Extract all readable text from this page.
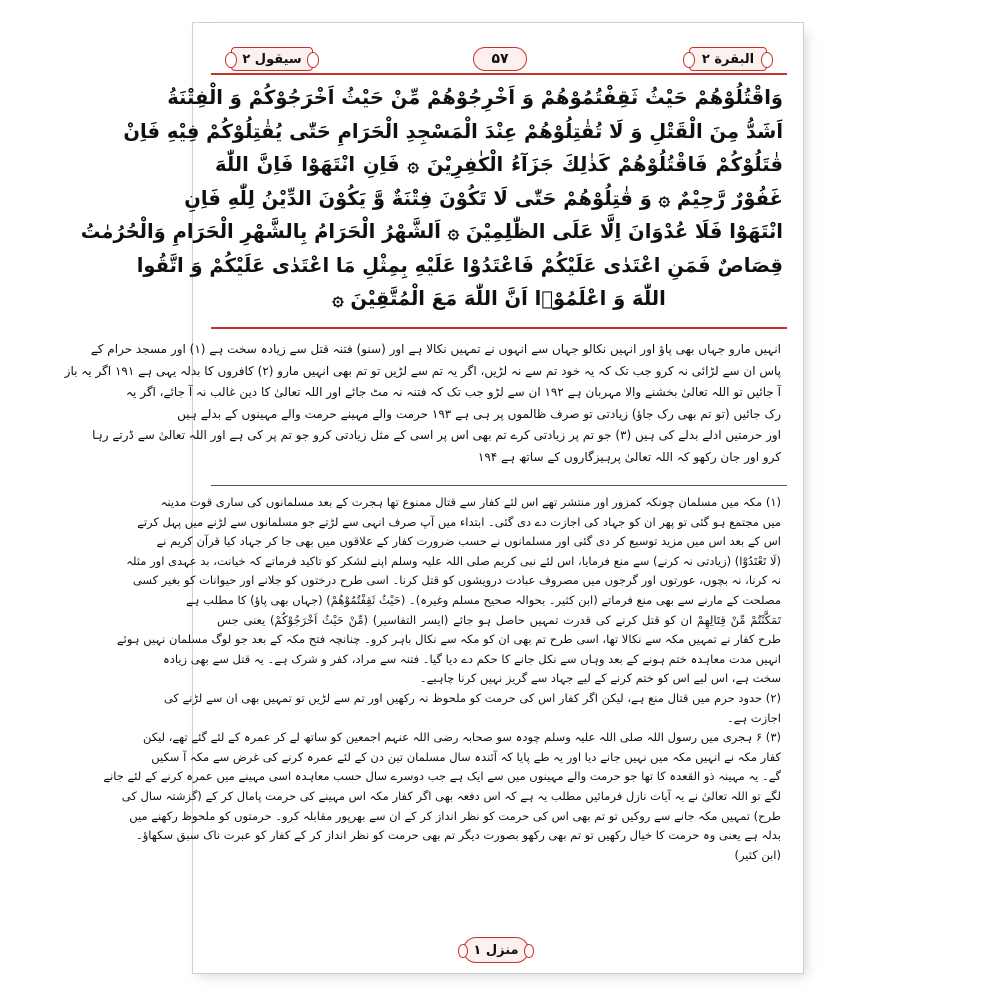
سیقول ۲	۵۷	البقرة ۲
وَاقْتُلُوْهُمْ حَيْثُ ثَقِفْتُمُوْهُمْ وَ اَخْرِجُوْهُمْ مِّنْ حَيْثُ اَخْرَجُوْكُمْ وَ الْفِتْنَةُ
اَشَدُّ مِنَ الْقَتْلِ وَ لَا تُقٰتِلُوْهُمْ عِنْدَ الْمَسْجِدِ الْحَرَامِ حَتّٰى يُقٰتِلُوْكُمْ فِيْهِ فَاِنْ
قٰتَلُوْكُمْ فَاقْتُلُوْهُمْ كَذٰلِكَ جَزَآءُ الْكٰفِرِيْنَ ۞ فَاِنِ انْتَهَوْا فَاِنَّ اللّٰهَ
غَفُوْرٌ رَّحِيْمٌ ۞ وَ قٰتِلُوْهُمْ حَتّٰى لَا تَكُوْنَ فِتْنَةٌ وَّ يَكُوْنَ الدِّيْنُ لِلّٰهِ فَاِنِ
انْتَهَوْا فَلَا عُدْوَانَ اِلَّا عَلَى الظّٰلِمِيْنَ ۞ اَلشَّهْرُ الْحَرَامُ بِالشَّهْرِ الْحَرَامِ وَالْحُرُمٰتُ
قِصَاصٌ فَمَنِ اعْتَدٰى عَلَيْكُمْ فَاعْتَدُوْا عَلَيْهِ بِمِثْلِ مَا اعْتَدٰى عَلَيْكُمْ وَ اتَّقُوا
اللّٰهَ وَ اعْلَمُوْۤا اَنَّ اللّٰهَ مَعَ الْمُتَّقِيْنَ ۞
انہیں مارو جہاں بھی پاؤ اور انہیں نکالو جہاں سے انہوں نے تمہیں نکالا ہے اور (سنو) فتنہ قتل سے زیادہ سخت ہے (۱) اور مسجد حرام کے
پاس ان سے لڑائی نہ کرو جب تک کہ یہ خود تم سے نہ لڑیں، اگر یہ تم سے لڑیں تو تم بھی انہیں مارو (۲) کافروں کا بدلہ یہی ہے ۱۹۱ اگر یہ باز
آ جائیں تو اللہ تعالیٰ بخشنے والا مہربان ہے ۱۹۲ ان سے لڑو جب تک کہ فتنہ نہ مٹ جائے اور اللہ تعالیٰ کا دین غالب نہ آ جائے، اگر یہ
رک جائیں (تو تم بھی رک جاؤ) زیادتی تو صرف ظالموں پر ہی ہے ۱۹۳ حرمت والے مہینے حرمت والے مہینوں کے بدلے ہیں
اور حرمتیں ادلے بدلے کی ہیں (۳) جو تم پر زیادتی کرے تم بھی اس پر اسی کے مثل زیادتی کرو جو تم پر کی ہے اور اللہ تعالیٰ سے ڈرتے رہا
کرو اور جان رکھو کہ اللہ تعالیٰ پرہیزگاروں کے ساتھ ہے ۱۹۴
(۱) مکہ میں مسلمان چونکہ کمزور اور منتشر تھے اس لئے کفار سے قتال ممنوع تھا ہجرت کے بعد مسلمانوں کی ساری قوت مدینہ
میں مجتمع ہو گئی تو پھر ان کو جہاد کی اجازت دے دی گئی۔ ابتداء میں آپ صرف انہی سے لڑتے جو مسلمانوں سے لڑنے میں پہل کرتے
اس کے بعد اس میں مزید توسیع کر دی گئی اور مسلمانوں نے حسب ضرورت کفار کے علاقوں میں بھی جا کر جہاد کیا قرآن کریم نے
(لَا تَعْتَدُوْٓا) (زیادتی نہ کرنے) سے منع فرمایا، اس لئے نبی کریم صلی اللہ علیہ وسلم اپنے لشکر کو تاکید فرماتے کہ خیانت، بد عہدی اور مثلہ
نہ کرنا، نہ بچوں، عورتوں اور گرجوں میں مصروف عبادت درویشوں کو قتل کرنا۔ اسی طرح درختوں کو جلانے اور حیوانات کو بغیر کسی
مصلحت کے مارنے سے بھی منع فرماتے (ابن کثیر۔ بحوالہ صحیح مسلم وغیرہ)۔ (حَيْثُ ثَقِفْتُمُوْهُمْ) (جہاں بھی پاؤ) کا مطلب ہے
تَمَكَّنْتُمْ مِّنْ قِتَالِهِمْ ان کو قتل کرنے کی قدرت تمہیں حاصل ہو جائے (ایسر التفاسیر) (مِّنْ حَيْثُ اَخْرَجُوْكُمْ) یعنی جس
طرح کفار نے تمہیں مکہ سے نکالا تھا، اسی طرح تم بھی ان کو مکہ سے نکال باہر کرو۔ چنانچہ فتح مکہ کے بعد جو لوگ مسلمان نہیں ہوئے
انہیں مدت معاہدہ ختم ہونے کے بعد وہاں سے نکل جانے کا حکم دے دیا گیا۔ فتنہ سے مراد، کفر و شرک ہے۔ یہ قتل سے بھی زیادہ
سخت ہے، اس لیے اس کو ختم کرنے کے لیے جہاد سے گریز نہیں کرنا چاہیے۔
(۲) حدود حرم میں قتال منع ہے، لیکن اگر کفار اس کی حرمت کو ملحوظ نہ رکھیں اور تم سے لڑیں تو تمہیں بھی ان سے لڑنے کی
اجازت ہے۔
(۳) ۶ ہجری میں رسول اللہ صلی اللہ علیہ وسلم چودہ سو صحابہ رضی اللہ عنہم اجمعین کو ساتھ لے کر عمرہ کے لئے گئے تھے، لیکن
کفار مکہ نے انہیں مکہ میں نہیں جانے دیا اور یہ طے پایا کہ آئندہ سال مسلمان تین دن کے لئے عمرہ کرنے کی غرض سے مکہ آ سکیں
گے۔ یہ مہینہ ذو القعدہ کا تھا جو حرمت والے مہینوں میں سے ایک ہے جب دوسرے سال حسب معاہدہ اسی مہینے میں عمرہ کرنے کے لئے جانے
لگے تو اللہ تعالیٰ نے یہ آیات نازل فرمائیں مطلب یہ ہے کہ اس دفعہ بھی اگر کفار مکہ اس مہینے کی حرمت پامال کر کے (گزشتہ سال کی
طرح) تمہیں مکہ جانے سے روکیں تو تم بھی اس کی حرمت کو نظر انداز کر کے ان سے بھرپور مقابلہ کرو۔ حرمتوں کو ملحوظ رکھنے میں
بدلہ ہے یعنی وہ حرمت کا خیال رکھیں تو تم بھی رکھو بصورت دیگر تم بھی حرمت کو نظر انداز کر کے کفار کو عبرت ناک سبق سکھاؤ۔
(ابن کثیر)
منزل ۱
